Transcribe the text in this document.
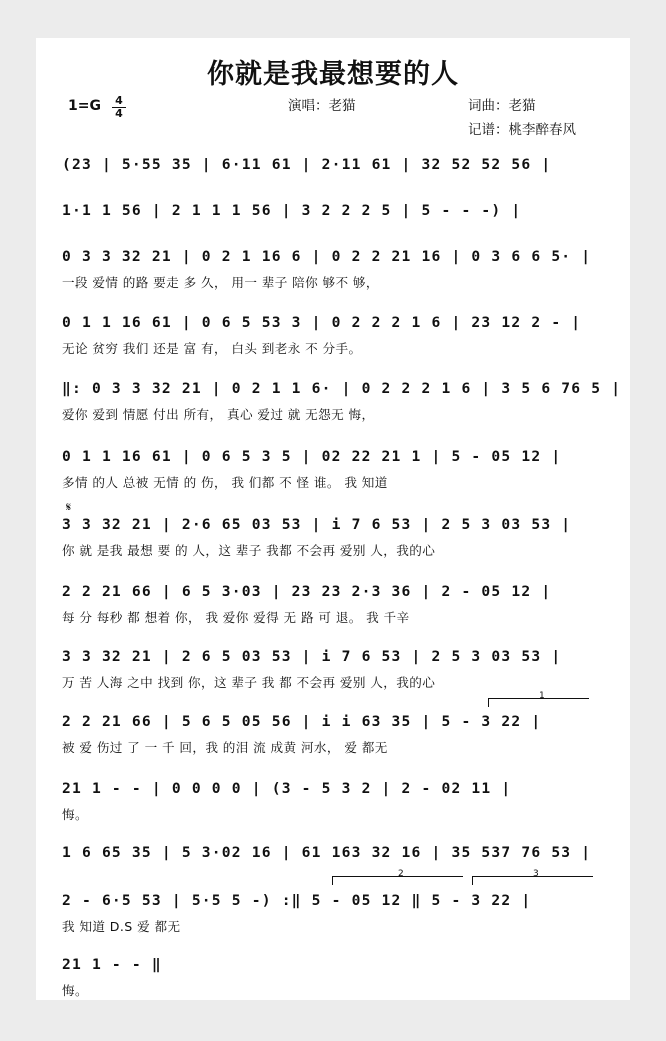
你就是我最想要的人
1=G 4
4	演唱：老猫	词曲：老猫
记谱：桃李醉春风
(23 | 5·55 35 | 6·11 61 | 2·11 61 | 32 52 52 56 |
1·1 1 56 | 2 1 1 1 56 | 3 2 2 2 5 | 5 - - -) |
0 3 3 32 21 | 0 2 1 16 6 | 0 2 2 21 16 | 0 3 6 6 5· |
一段 爱情 的路 要走 多 久， 用一 辈子 陪你 够不 够，
0 1 1 16 61 | 0 6 5 53 3 | 0 2 2 2 1 6 | 23 12 2 - |
无论 贫穷 我们 还是 富 有， 白头 到老永 不 分手。
‖: 0 3 3 32 21 | 0 2 1 1 6· | 0 2 2 2 1 6 | 3 5 6 76 5 |
爱你 爱到 情愿 付出 所有， 真心 爱过 就 无怨无 悔，
0 1 1 16 61 | 0 6 5 3 5 | 02 22 21 1 | 5 - 05 12 |
多情 的人 总被 无情 的 伤， 我 们都 不 怪 谁。 我 知道
𝄋
3 3 32 21 | 2·6 65 03 53 | i 7 6 53 | 2 5 3 03 53 |
你 就 是我 最想 要 的 人，这 辈子 我都 不会再 爱别 人，我的心
2 2 21 66 | 6 5 3·03 | 23 23 2·3 36 | 2 - 05 12 |
每 分 每秒 都 想着 你， 我 爱你 爱得 无 路 可 退。 我 千辛
3 3 32 21 | 2 6 5 03 53 | i 7 6 53 | 2 5 3 03 53 |
万 苦 人海 之中 找到 你，这 辈子 我 都 不会再 爱别 人，我的心
1
2 2 21 66 | 5 6 5 05 56 | i i 63 35 | 5 - 3 22 |
被 爱 伤过 了 一 千 回，我 的泪 流 成黄 河水， 爱 都无
21 1 - - | 0 0 0 0 | (3 - 5 3 2 | 2 - 02 11 |
悔。
1 6 65 35 | 5 3·02 16 | 61 163 32 16 | 35 537 76 53 |
2	3
2 - 6·5 53 | 5·5 5 -) :‖ 5 - 05 12 ‖ 5 - 3 22 |
我 知道 D.S 爱 都无
21 1 - - ‖
悔。
